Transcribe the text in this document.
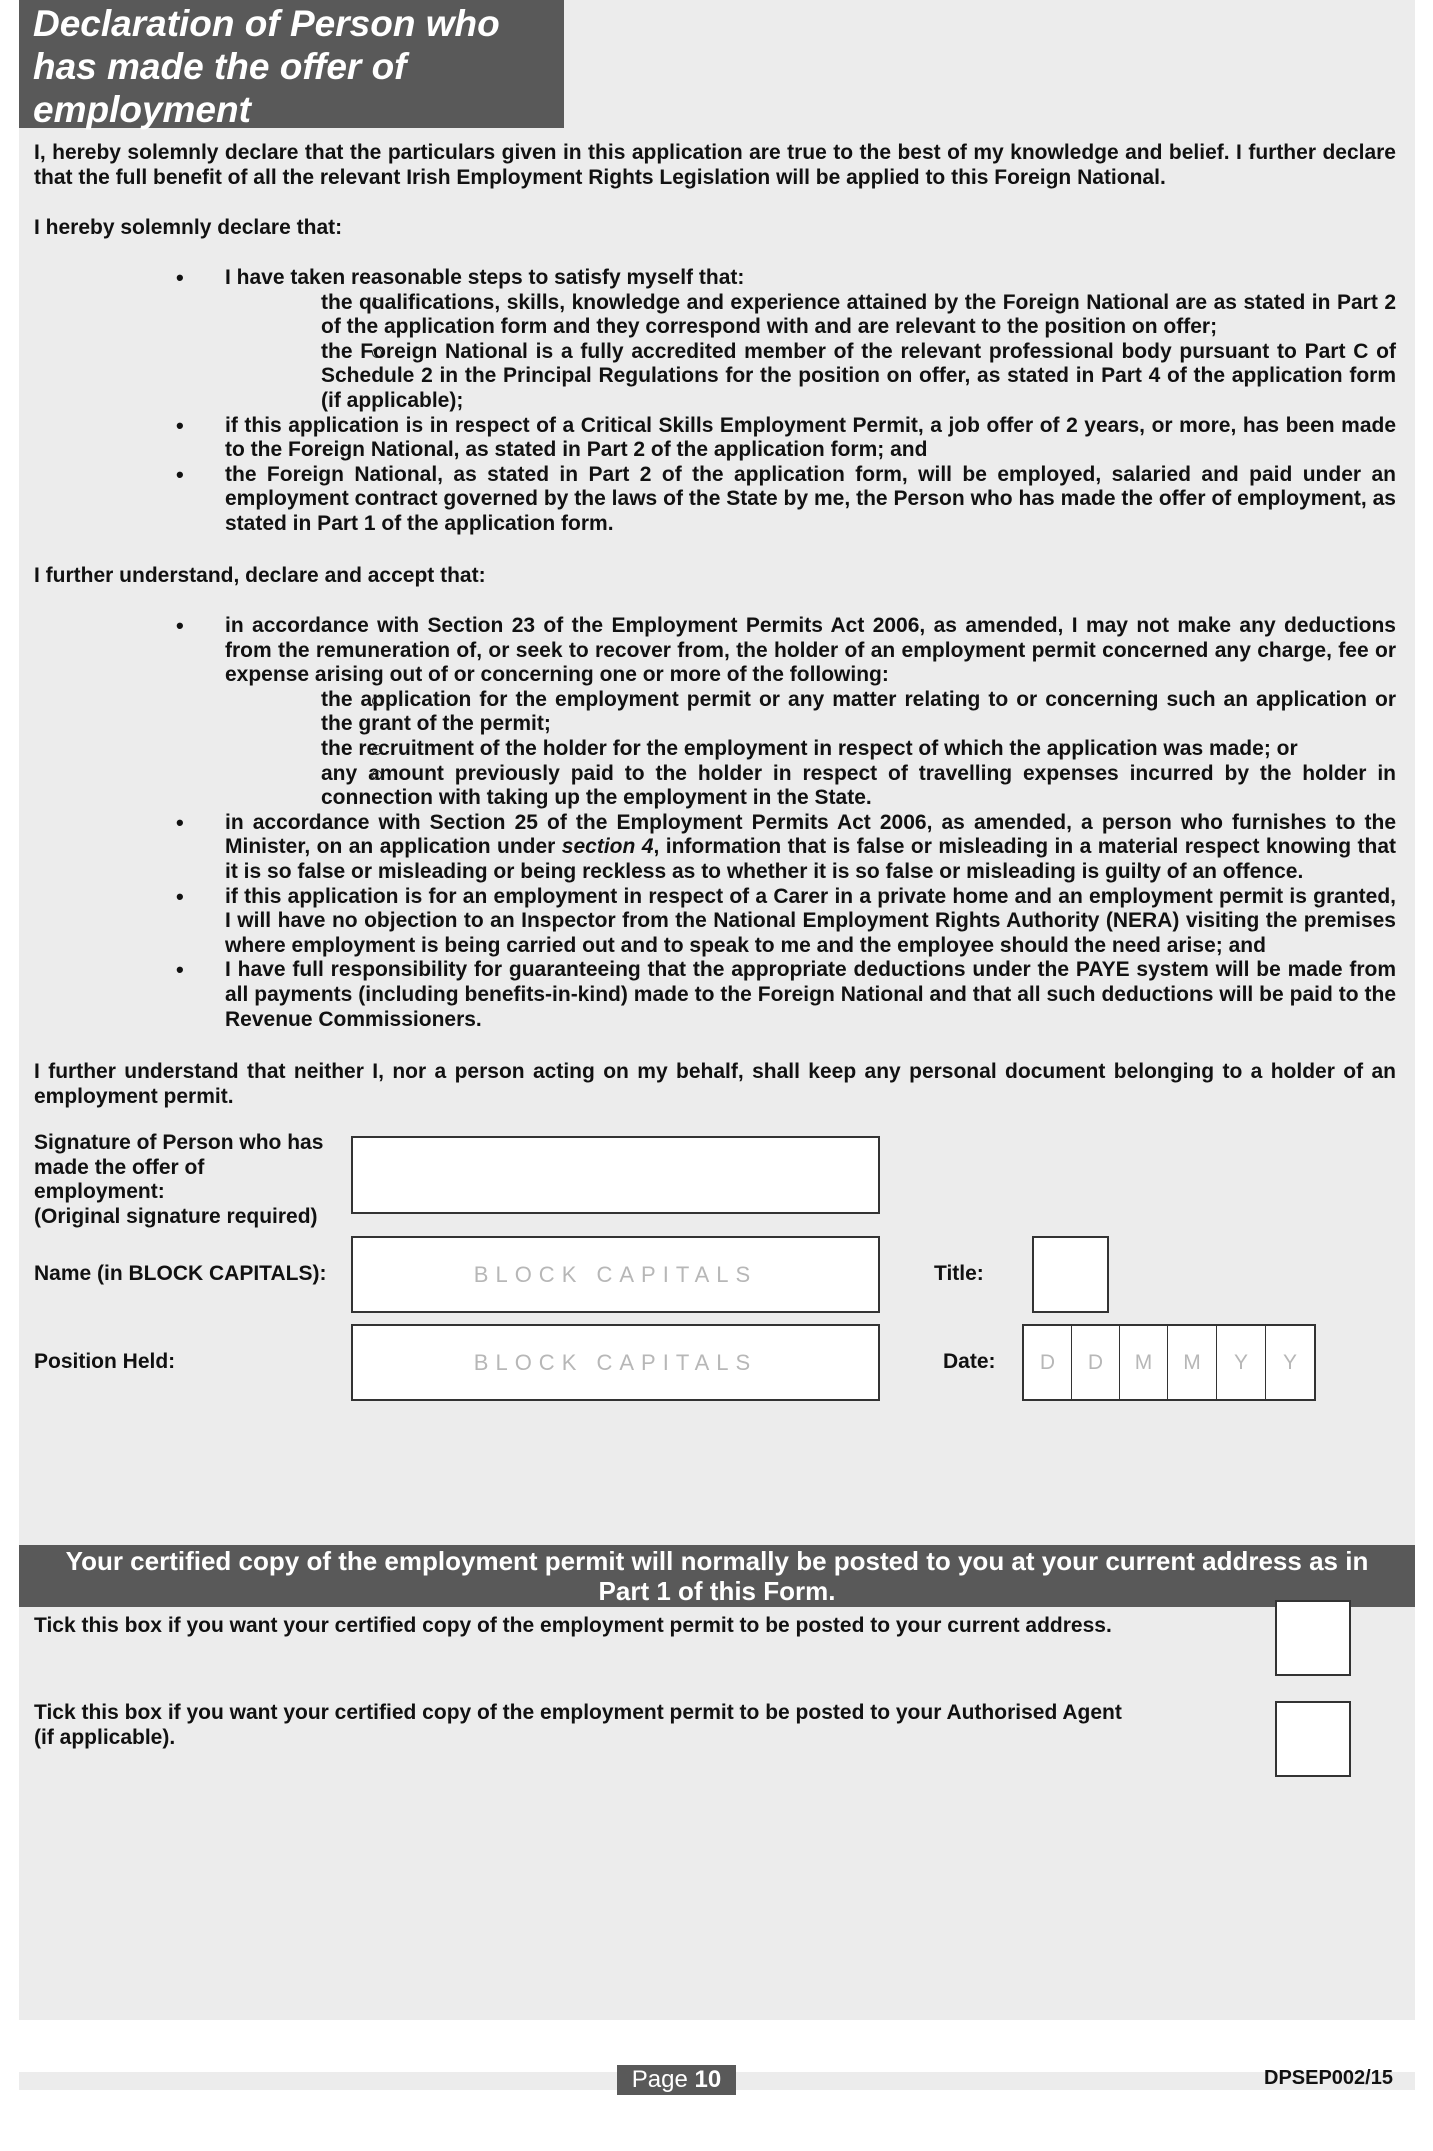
Declaration of Person who
has made the offer of
employment
I, hereby solemnly declare that the particulars given in this application are true to the best of my knowledge and belief. I further declare that the full benefit of all the relevant Irish Employment Rights Legislation will be applied to this Foreign National.
I hereby solemnly declare that:
• I have taken reasonable steps to satisfy myself that:
the qualifications, skills, knowledge and experience attained by the Foreign National are as stated in Part 2 of the application form and they correspond with and are relevant to the position on offer;
the Foreign National is a fully accredited member of the relevant professional body pursuant to Part C of Schedule 2 in the Principal Regulations for the position on offer, as stated in Part 4 of the application form (if applicable);
• if this application is in respect of a Critical Skills Employment Permit, a job offer of 2 years, or more, has been made to the Foreign National, as stated in Part 2 of the application form; and
• the Foreign National, as stated in Part 2 of the application form, will be employed, salaried and paid under an employment contract governed by the laws of the State by me, the Person who has made the offer of employment, as stated in Part 1 of the application form.
I further understand, declare and accept that:
• in accordance with Section 23 of the Employment Permits Act 2006, as amended, I may not make any deductions from the remuneration of, or seek to recover from, the holder of an employment permit concerned any charge, fee or expense arising out of or concerning one or more of the following:
the application for the employment permit or any matter relating to or concerning such an application or the grant of the permit;
the recruitment of the holder for the employment in respect of which the application was made; or
any amount previously paid to the holder in respect of travelling expenses incurred by the holder in connection with taking up the employment in the State.
• in accordance with Section 25 of the Employment Permits Act 2006, as amended, a person who furnishes to the Minister, on an application under section 4, information that is false or misleading in a material respect knowing that it is so false or misleading or being reckless as to whether it is so false or misleading is guilty of an offence.
• if this application is for an employment in respect of a Carer in a private home and an employment permit is granted, I will have no objection to an Inspector from the National Employment Rights Authority (NERA) visiting the premises where employment is being carried out and to speak to me and the employee should the need arise; and
• I have full responsibility for guaranteeing that the appropriate deductions under the PAYE system will be made from all payments (including benefits-in-kind) made to the Foreign National and that all such deductions will be paid to the Revenue Commissioners.
I further understand that neither I, nor a person acting on my behalf, shall keep any personal document belonging to a holder of an employment permit.
Signature of Person who has
made the offer of
employment:
(Original signature required)
Name (in BLOCK CAPITALS):	BLOCK CAPITALS	Title:
Position Held:	BLOCK CAPITALS	Date:	D	D	M	M	Y	Y
Your certified copy of the employment permit will normally be posted to you at your current address as in
Part 1 of this Form.
Tick this box if you want your certified copy of the employment permit to be posted to your current address.
Tick this box if you want your certified copy of the employment permit to be posted to your Authorised Agent
(if applicable).
Page 10	DPSEP002/15
